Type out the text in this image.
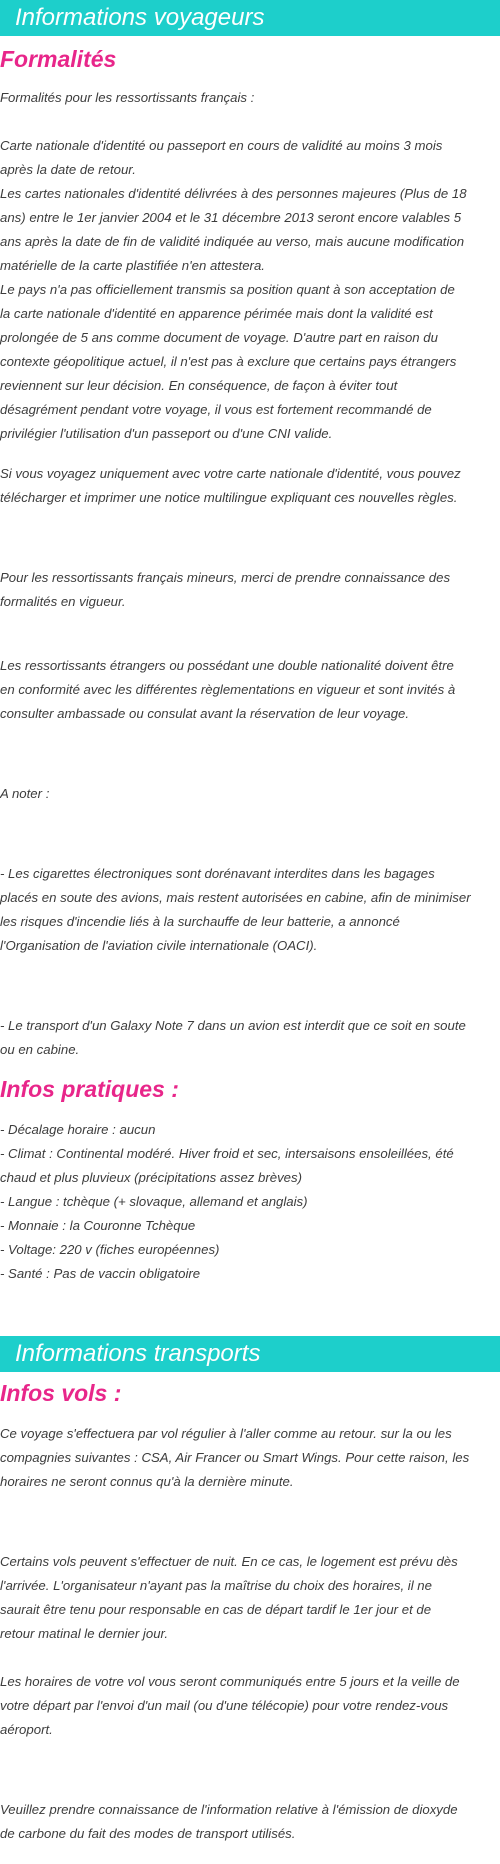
Informations voyageurs
Formalités

Formalités pour les ressortissants français :

Carte nationale d'identité ou passeport en cours de validité au moins 3 mois
après la date de retour.
Les cartes nationales d'identité délivrées à des personnes majeures (Plus de 18
ans) entre le 1er janvier 2004 et le 31 décembre 2013 seront encore valables 5
ans après la date de fin de validité indiquée au verso, mais aucune modification
matérielle de la carte plastifiée n'en attestera.
Le pays n'a pas officiellement transmis sa position quant à son acceptation de
la carte nationale d'identité en apparence périmée mais dont la validité est
prolongée de 5 ans comme document de voyage. D'autre part en raison du
contexte géopolitique actuel, il n'est pas à exclure que certains pays étrangers
reviennent sur leur décision. En conséquence, de façon à éviter tout
désagrément pendant votre voyage, il vous est fortement recommandé de
privilégier l'utilisation d'un passeport ou d'une CNI valide.

Si vous voyagez uniquement avec votre carte nationale d'identité, vous pouvez
télécharger et imprimer une notice multilingue expliquant ces nouvelles règles.

Pour les ressortissants français mineurs, merci de prendre connaissance des
formalités en vigueur.

Les ressortissants étrangers ou possédant une double nationalité doivent être
en conformité avec les différentes règlementations en vigueur et sont invités à
consulter ambassade ou consulat avant la réservation de leur voyage.

A noter :

- Les cigarettes électroniques sont dorénavant interdites dans les bagages
placés en soute des avions, mais restent autorisées en cabine, afin de minimiser
les risques d'incendie liés à la surchauffe de leur batterie, a annoncé
l'Organisation de l'aviation civile internationale (OACI).

- Le transport d'un Galaxy Note 7 dans un avion est interdit que ce soit en soute
ou en cabine.

Infos pratiques :

- Décalage horaire : aucun
- Climat : Continental modéré. Hiver froid et sec, intersaisons ensoleillées, été
chaud et plus pluvieux (précipitations assez brèves)
- Langue : tchèque (+ slovaque, allemand et anglais)
- Monnaie : la Couronne Tchèque
- Voltage: 220 v (fiches européennes)
- Santé : Pas de vaccin obligatoire

Informations transports
Infos vols :

Ce voyage s'effectuera par vol régulier à l'aller comme au retour. sur la ou les
compagnies suivantes : CSA, Air Francer ou Smart Wings. Pour cette raison, les
horaires ne seront connus qu'à la dernière minute.

Certains vols peuvent s'effectuer de nuit. En ce cas, le logement est prévu dès
l'arrivée. L'organisateur n'ayant pas la maîtrise du choix des horaires, il ne
saurait être tenu pour responsable en cas de départ tardif le 1er jour et de
retour matinal le dernier jour.

Les horaires de votre vol vous seront communiqués entre 5 jours et la veille de
votre départ par l'envoi d'un mail (ou d'une télécopie) pour votre rendez-vous
aéroport.

Veuillez prendre connaissance de l'information relative à l'émission de dioxyde
de carbone du fait des modes de transport utilisés.
